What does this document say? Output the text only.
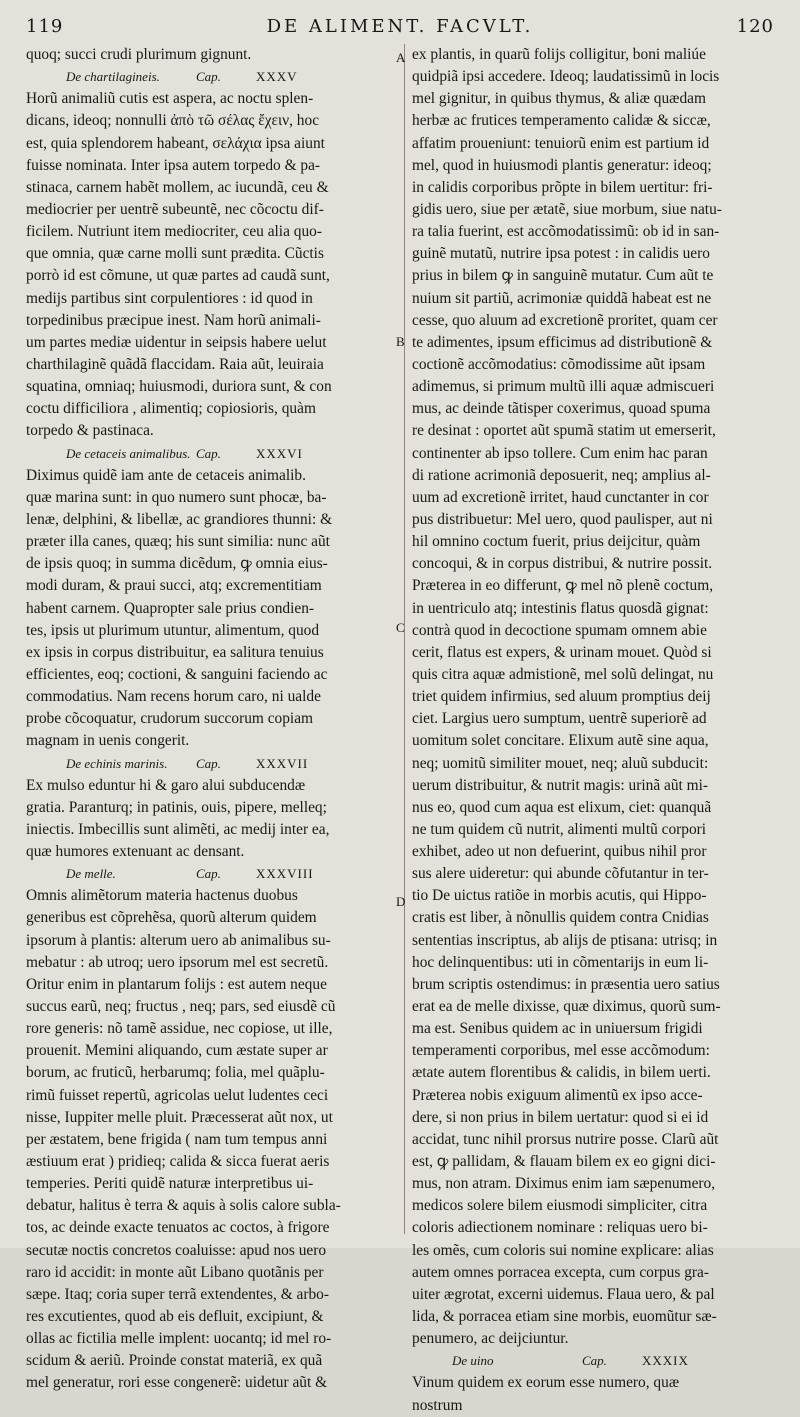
119	DE ALIMENT. FACVLT.	120
A
B
C
D
quoq; succi crudi plurimum gignunt.
De chartilagineis.	Cap.	XXXV
Horũ animaliũ cutis est aspera, ac noctu splen-
dicans, ideoq; nonnulli ἀπὸ τῶ σέλας ἔχειν, hoc
est, quia splendorem habeant, σελάχια ipsa aiunt
fuisse nominata. Inter ipsa autem torpedo & pa-
stinaca, carnem habẽt mollem, ac iucundã, ceu &
mediocrier per uentrẽ subeuntẽ, nec cõcoctu dif-
ficilem. Nutriunt item mediocriter, ceu alia quo-
que omnia, quæ carne molli sunt prædita. Cũctis
porrò id est cõmune, ut quæ partes ad caudã sunt,
medijs partibus sint corpulentiores : id quod in
torpedinibus præcipue inest. Nam horũ animali-
um partes mediæ uidentur in seipsis habere uelut
charthilaginẽ quãdã flaccidam. Raia aũt, leuiraia
squatina, omniaq; huiusmodi, duriora sunt, & con
coctu difficiliora , alimentiq; copiosioris, quàm
torpedo & pastinaca.
De cetaceis animalibus. Cap.	XXXVI
Diximus quidẽ iam ante de cetaceis animalib.
quæ marina sunt: in quo numero sunt phocæ, ba-
lenæ, delphini, & libellæ, ac grandiores thunni: &
præter illa canes, quæq; his sunt similia: nunc aũt
de ipsis quoq; in summa dicẽdum, ꝙ omnia eius-
modi duram, & praui succi, atq; excrementitiam
habent carnem. Quapropter sale prius condien-
tes, ipsis ut plurimum utuntur, alimentum, quod
ex ipsis in corpus distribuitur, ea salitura tenuius
efficientes, eoq; coctioni, & sanguini faciendo ac
commodatius. Nam recens horum caro, ni ualde
probe cõcoquatur, crudorum succorum copiam
magnam in uenis congerit.
De echinis marinis. Cap.	XXXVII
Ex mulso eduntur hi & garo alui subducendæ
gratia. Paranturq; in patinis, ouis, pipere, melleq;
iniectis. Imbecillis sunt alimẽti, ac medij inter ea,
quæ humores extenuant ac densant.
De melle.	Cap.	XXXVIII
Omnis alimẽtorum materia hactenus duobus
generibus est cõprehẽsa, quorũ alterum quidem
ipsorum à plantis: alterum uero ab animalibus su-
mebatur : ab utroq; uero ipsorum mel est secretũ.
Oritur enim in plantarum folijs : est autem neque
succus earũ, neq; fructus , neq; pars, sed eiusdẽ cũ
rore generis: nõ tamẽ assidue, nec copiose, ut ille,
prouenit. Memini aliquando, cum æstate super ar
borum, ac fruticũ, herbarumq; folia, mel quãplu-
rimũ fuisset repertũ, agricolas uelut ludentes ceci
nisse, Iuppiter melle pluit. Præcesserat aũt nox, ut
per æstatem, bene frigida ( nam tum tempus anni
æstiuum erat ) pridieq; calida & sicca fuerat aeris
temperies. Periti quidẽ naturæ interpretibus ui-
debatur, halitus è terra & aquis à solis calore subla-
tos, ac deinde exacte tenuatos ac coctos, à frigore
secutæ noctis concretos coaluisse: apud nos uero
raro id accidit: in monte aũt Libano quotãnis per
sæpe. Itaq; coria super terrã extendentes, & arbo-
res excutientes, quod ab eis defluit, excipiunt, &
ollas ac fictilia melle implent: uocantq; id mel ro-
scidum & aeriũ. Proinde constat materiã, ex quã
mel generatur, rori esse congenerẽ: uidetur aũt &
ex plantis, in quarũ folijs colligitur, boni maliúe
quidpiã ipsi accedere. Ideoq; laudatissimũ in locis
mel gignitur, in quibus thymus, & aliæ quædam
herbæ ac frutices temperamento calidæ & siccæ,
affatim proueniunt: tenuiorũ enim est partium id
mel, quod in huiusmodi plantis generatur: ideoq;
in calidis corporibus prõpte in bilem uertitur: fri-
gidis uero, siue per ætatẽ, siue morbum, siue natu-
ra talia fuerint, est accõmodatissimũ: ob id in san-
guinẽ mutatũ, nutrire ipsa potest : in calidis uero
prius in bilem ꝙ in sanguinẽ mutatur. Cum aũt te
nuium sit partiũ, acrimoniæ quiddã habeat est ne
cesse, quo aluum ad excretionẽ proritet, quam cer
te adimentes, ipsum efficimus ad distributionẽ &
coctionẽ accõmodatius: cõmodissime aũt ipsam
adimemus, si primum multũ illi aquæ admiscueri
mus, ac deinde tãtisper coxerimus, quoad spuma
re desinat : oportet aũt spumã statim ut emerserit,
continenter ab ipso tollere. Cum enim hac paran
di ratione acrimoniã deposuerit, neq; amplius al-
uum ad excretionẽ irritet, haud cunctanter in cor
pus distribuetur: Mel uero, quod paulisper, aut ni
hil omnino coctum fuerit, prius deijcitur, quàm
concoqui, & in corpus distribui, & nutrire possit.
Præterea in eo differunt, ꝙ mel nõ plenẽ coctum,
in uentriculo atq; intestinis flatus quosdã gignat:
contrà quod in decoctione spumam omnem abie
cerit, flatus est expers, & urinam mouet. Quòd si
quis citra aquæ admistionẽ, mel solũ delingat, nu
triet quidem infirmius, sed aluum promptius deij
ciet. Largius uero sumptum, uentrẽ superiorẽ ad
uomitum solet concitare. Elixum autẽ sine aqua,
neq; uomitũ similiter mouet, neq; aluũ subducit:
uerum distribuitur, & nutrit magis: urinã aũt mi-
nus eo, quod cum aqua est elixum, ciet: quanquã
ne tum quidem cũ nutrit, alimenti multũ corpori
exhibet, adeo ut non defuerint, quibus nihil pror
sus alere uideretur: qui abunde cõfutantur in ter-
tio De uictus ratiõe in morbis acutis, qui Hippo-
cratis est liber, à nõnullis quidem contra Cnidias
sententias inscriptus, ab alijs de ptisana: utrisq; in
hoc delinquentibus: uti in cõmentarijs in eum li-
brum scriptis ostendimus: in præsentia uero satius
erat ea de melle dixisse, quæ diximus, quorũ sum-
ma est. Senibus quidem ac in uniuersum frigidi
temperamenti corporibus, mel esse accõmodum:
ætate autem florentibus & calidis, in bilem uerti.
Præterea nobis exiguum alimentũ ex ipso acce-
dere, si non prius in bilem uertatur: quod si ei id
accidat, tunc nihil prorsus nutrire posse. Clarũ aũt
est, ꝙ pallidam, & flauam bilem ex eo gigni dici-
mus, non atram. Diximus enim iam sæpenumero,
medicos solere bilem eiusmodi simpliciter, citra
coloris adiectionem nominare : reliquas uero bi-
les omẽs, cum coloris sui nomine explicare: alias
autem omnes porracea excepta, cum corpus gra-
uiter ægrotat, excerni uidemus. Flaua uero, & pal
lida, & porracea etiam sine morbis, euomũtur sæ-
penumero, ac deijciuntur.
De uino	Cap.	XXXIX
Vinum quidem ex eorum esse numero, quæ
nostrum
